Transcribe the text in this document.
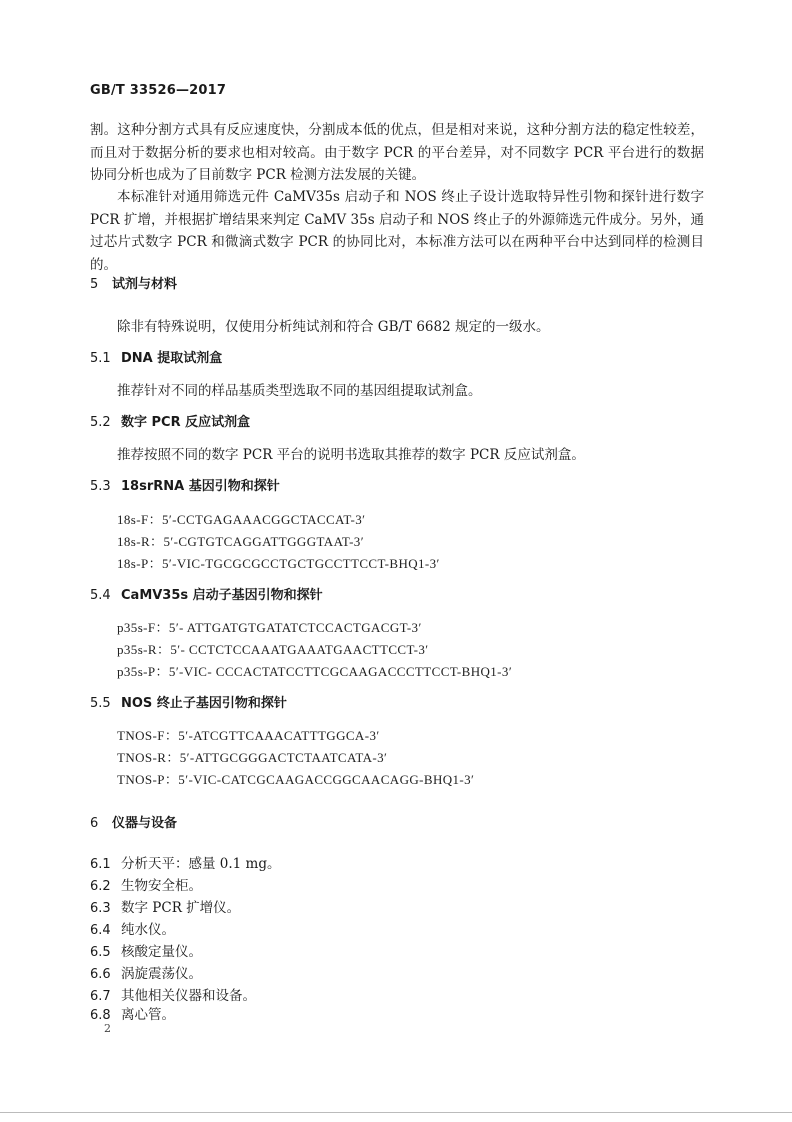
GB/T 33526—2017

割。这种分割方式具有反应速度快，分割成本低的优点，但是相对来说，这种分割方法的稳定性较差，而且对于数据分析的要求也相对较高。由于数字 PCR 的平台差异，对不同数字 PCR 平台进行的数据协同分析也成为了目前数字 PCR 检测方法发展的关键。

本标准针对通用筛选元件 CaMV35s 启动子和 NOS 终止子设计选取特异性引物和探针进行数字 PCR 扩增，并根据扩增结果来判定 CaMV 35s 启动子和 NOS 终止子的外源筛选元件成分。另外，通过芯片式数字 PCR 和微滴式数字 PCR 的协同比对，本标准方法可以在两种平台中达到同样的检测目的。

5 试剂与材料
除非有特殊说明，仅使用分析纯试剂和符合 GB/T 6682 规定的一级水。
5.1 DNA 提取试剂盒
推荐针对不同的样品基质类型选取不同的基因组提取试剂盒。
5.2 数字 PCR 反应试剂盒
推荐按照不同的数字 PCR 平台的说明书选取其推荐的数字 PCR 反应试剂盒。
5.3 18srRNA 基因引物和探针
18s-F：5′-CCTGAGAAACGGCTACCAT-3′
18s-R：5′-CGTGTCAGGATTGGGTAAT-3′
18s-P：5′-VIC-TGCGCGCCTGCTGCCTTCCT-BHQ1-3′
5.4 CaMV35s 启动子基因引物和探针
p35s-F：5′- ATTGATGTGATATCTCCACTGACGT-3′
p35s-R：5′- CCTCTCCAAATGAAATGAACTTCCT-3′
p35s-P：5′-VIC- CCCACTATCCTTCGCAAGACCCTTCCT-BHQ1-3′
5.5 NOS 终止子基因引物和探针
TNOS-F：5′-ATCGTTCAAACATTTGGCA-3′
TNOS-R：5′-ATTGCGGGACTCTAATCATA-3′
TNOS-P：5′-VIC-CATCGCAAGACCGGCAACAGG-BHQ1-3′
6 仪器与设备
6.1 分析天平：感量 0.1 mg。
6.2 生物安全柜。
6.3 数字 PCR 扩增仪。
6.4 纯水仪。
6.5 核酸定量仪。
6.6 涡旋震荡仪。
6.7 其他相关仪器和设备。
6.8 离心管。
2
